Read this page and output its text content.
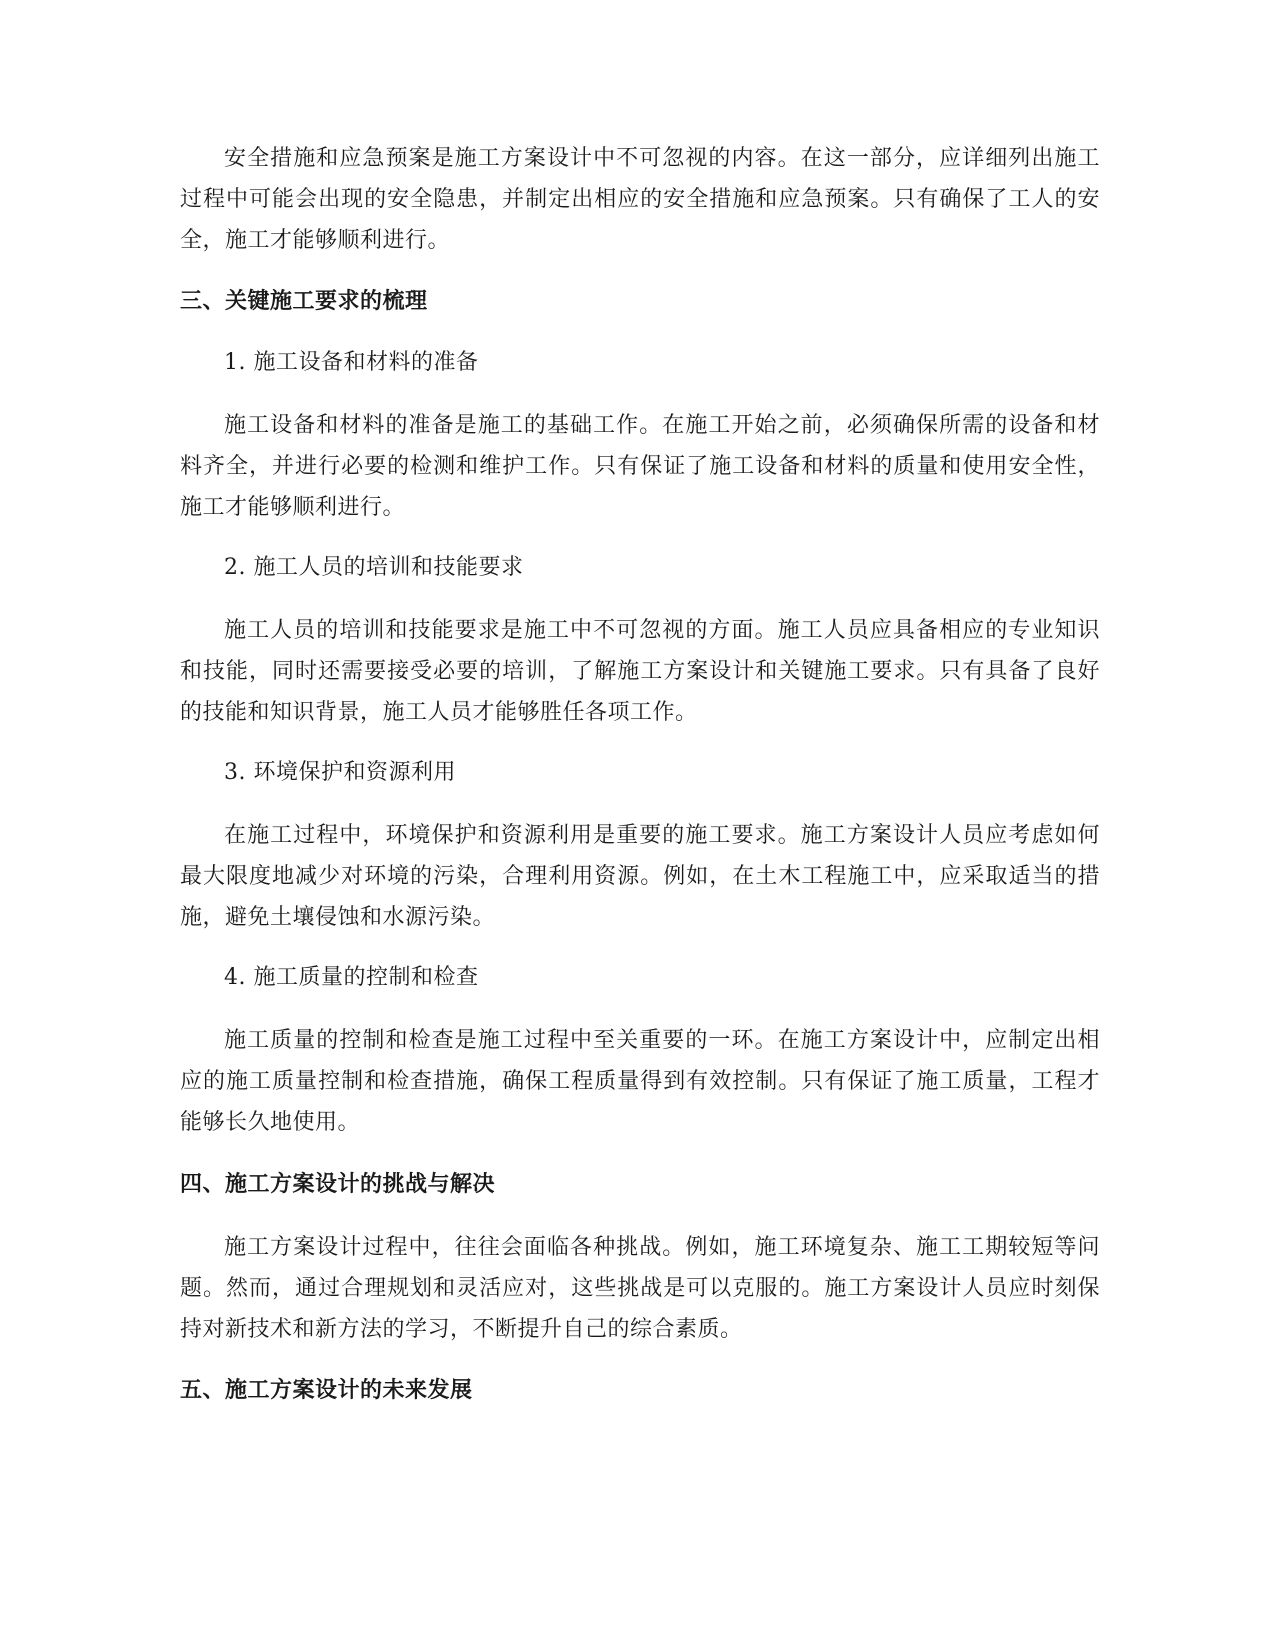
安全措施和应急预案是施工方案设计中不可忽视的内容。在这一部分，应详细列出施工过程中可能会出现的安全隐患，并制定出相应的安全措施和应急预案。只有确保了工人的安全，施工才能够顺利进行。

三、关键施工要求的梳理

1. 施工设备和材料的准备

施工设备和材料的准备是施工的基础工作。在施工开始之前，必须确保所需的设备和材料齐全，并进行必要的检测和维护工作。只有保证了施工设备和材料的质量和使用安全性，施工才能够顺利进行。

2. 施工人员的培训和技能要求

施工人员的培训和技能要求是施工中不可忽视的方面。施工人员应具备相应的专业知识和技能，同时还需要接受必要的培训，了解施工方案设计和关键施工要求。只有具备了良好的技能和知识背景，施工人员才能够胜任各项工作。

3. 环境保护和资源利用

在施工过程中，环境保护和资源利用是重要的施工要求。施工方案设计人员应考虑如何最大限度地减少对环境的污染，合理利用资源。例如，在土木工程施工中，应采取适当的措施，避免土壤侵蚀和水源污染。

4. 施工质量的控制和检查

施工质量的控制和检查是施工过程中至关重要的一环。在施工方案设计中，应制定出相应的施工质量控制和检查措施，确保工程质量得到有效控制。只有保证了施工质量，工程才能够长久地使用。

四、施工方案设计的挑战与解决

施工方案设计过程中，往往会面临各种挑战。例如，施工环境复杂、施工工期较短等问题。然而，通过合理规划和灵活应对，这些挑战是可以克服的。施工方案设计人员应时刻保持对新技术和新方法的学习，不断提升自己的综合素质。

五、施工方案设计的未来发展
